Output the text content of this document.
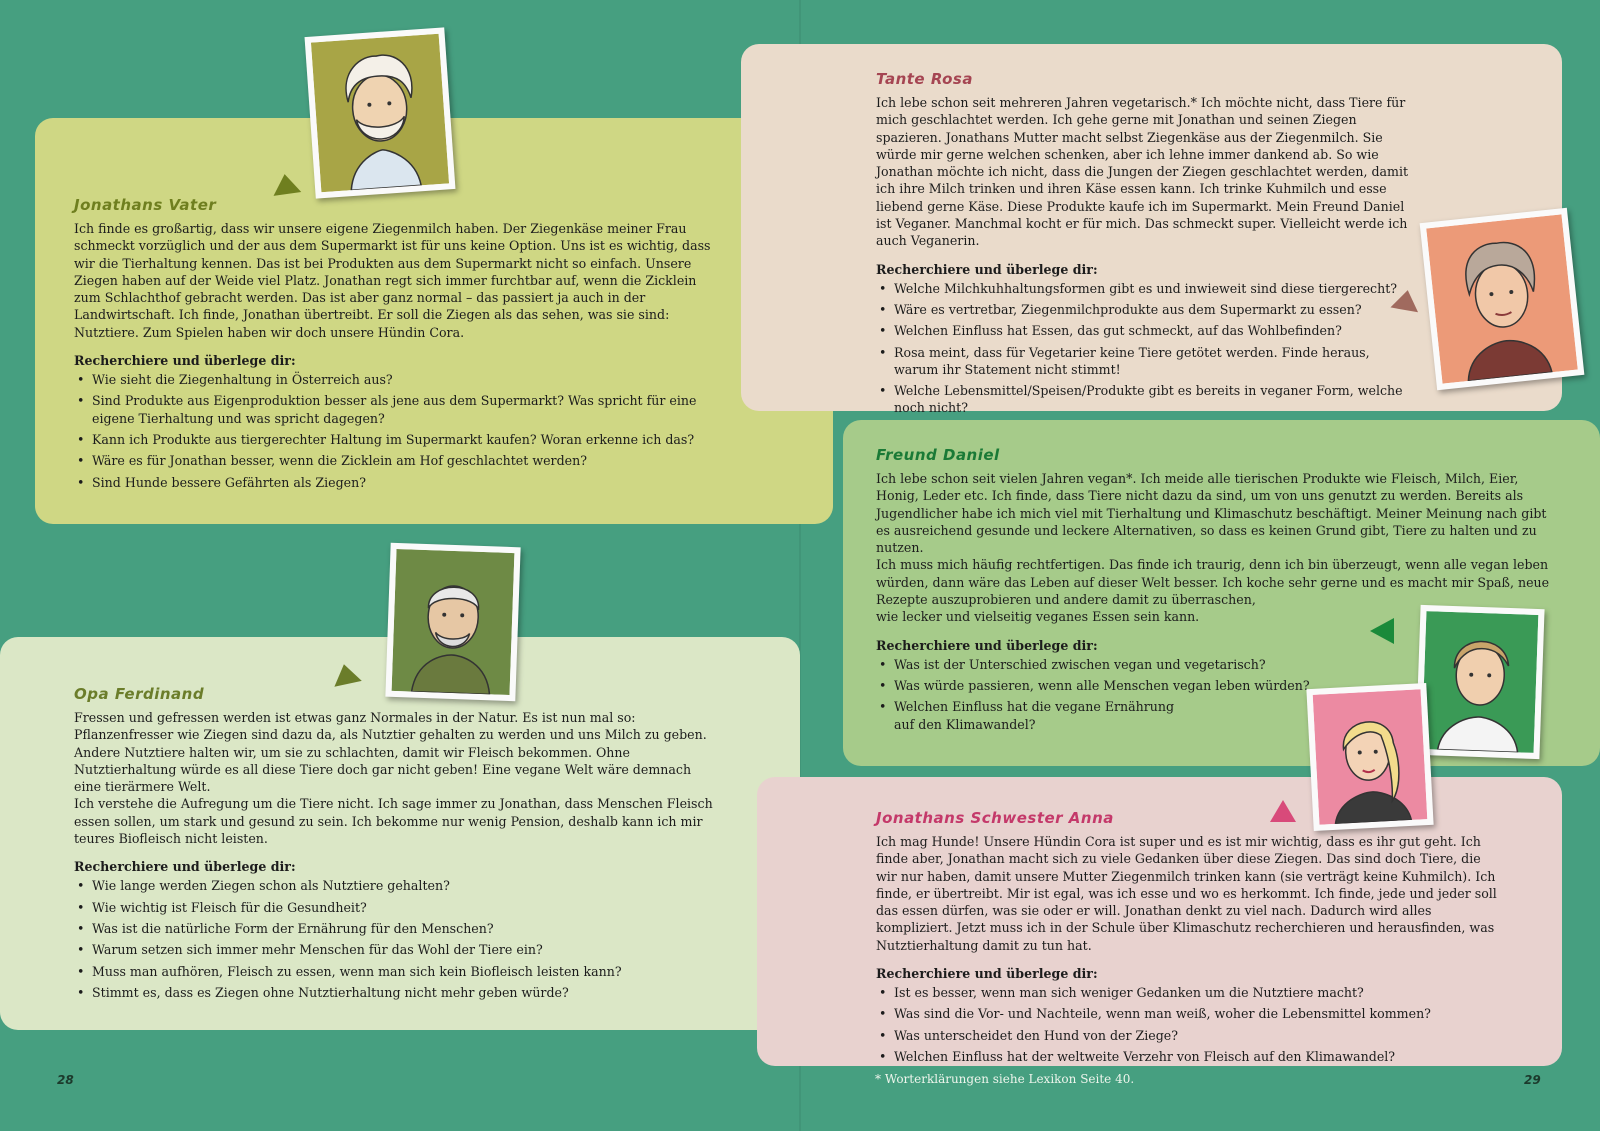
Jonathans Vater

Ich finde es großartig, dass wir unsere eigene Ziegenmilch haben. Der Ziegenkäse meiner Frau schmeckt vorzüglich und der aus dem Supermarkt ist für uns keine Option. Uns ist es wichtig, dass wir die Tierhaltung kennen. Das ist bei Produkten aus dem Supermarkt nicht so einfach. Unsere Ziegen haben auf der Weide viel Platz. Jonathan regt sich immer furchtbar auf, wenn die Zicklein zum Schlachthof gebracht werden. Das ist aber ganz normal – das passiert ja auch in der Landwirtschaft. Ich finde, Jonathan übertreibt. Er soll die Ziegen als das sehen, was sie sind: Nutztiere. Zum Spielen haben wir doch unsere Hündin Cora.

Recherchiere und überlege dir:
• Wie sieht die Ziegenhaltung in Österreich aus?
• Sind Produkte aus Eigenproduktion besser als jene aus dem Supermarkt? Was spricht für eine eigene Tierhaltung und was spricht dagegen?
• Kann ich Produkte aus tiergerechter Haltung im Supermarkt kaufen? Woran erkenne ich das?
• Wäre es für Jonathan besser, wenn die Zicklein am Hof geschlachtet werden?
• Sind Hunde bessere Gefährten als Ziegen?
Opa Ferdinand

Fressen und gefressen werden ist etwas ganz Normales in der Natur. Es ist nun mal so: Pflanzenfresser wie Ziegen sind dazu da, als Nutztier gehalten zu werden und uns Milch zu geben. Andere Nutztiere halten wir, um sie zu schlachten, damit wir Fleisch bekommen. Ohne Nutztierhaltung würde es all diese Tiere doch gar nicht geben! Eine vegane Welt wäre demnach eine tierärmere Welt.
Ich verstehe die Aufregung um die Tiere nicht. Ich sage immer zu Jonathan, dass Menschen Fleisch essen sollen, um stark und gesund zu sein. Ich bekomme nur wenig Pension, deshalb kann ich mir teures Biofleisch nicht leisten.

Recherchiere und überlege dir:
• Wie lange werden Ziegen schon als Nutztiere gehalten?
• Wie wichtig ist Fleisch für die Gesundheit?
• Was ist die natürliche Form der Ernährung für den Menschen?
• Warum setzen sich immer mehr Menschen für das Wohl der Tiere ein?
• Muss man aufhören, Fleisch zu essen, wenn man sich kein Biofleisch leisten kann?
• Stimmt es, dass es Ziegen ohne Nutztierhaltung nicht mehr geben würde?
Tante Rosa

Ich lebe schon seit mehreren Jahren vegetarisch.* Ich möchte nicht, dass Tiere für mich geschlachtet werden. Ich gehe gerne mit Jonathan und seinen Ziegen spazieren. Jonathans Mutter macht selbst Ziegenkäse aus der Ziegenmilch. Sie würde mir gerne welchen schenken, aber ich lehne immer dankend ab. So wie Jonathan möchte ich nicht, dass die Jungen der Ziegen geschlachtet werden, damit ich ihre Milch trinken und ihren Käse essen kann. Ich trinke Kuhmilch und esse liebend gerne Käse. Diese Produkte kaufe ich im Supermarkt. Mein Freund Daniel ist Veganer. Manchmal kocht er für mich. Das schmeckt super. Vielleicht werde ich auch Veganerin.

Recherchiere und überlege dir:
• Welche Milchkuhhaltungsformen gibt es und inwieweit sind diese tiergerecht?
• Wäre es vertretbar, Ziegenmilchprodukte aus dem Supermarkt zu essen?
• Welchen Einfluss hat Essen, das gut schmeckt, auf das Wohlbefinden?
• Rosa meint, dass für Vegetarier keine Tiere getötet werden. Finde heraus, warum ihr Statement nicht stimmt!
• Welche Lebensmittel/Speisen/Produkte gibt es bereits in veganer Form, welche noch nicht?
Freund Daniel

Ich lebe schon seit vielen Jahren vegan*. Ich meide alle tierischen Produkte wie Fleisch, Milch, Eier, Honig, Leder etc. Ich finde, dass Tiere nicht dazu da sind, um von uns genutzt zu werden. Bereits als Jugendlicher habe ich mich viel mit Tierhaltung und Klimaschutz beschäftigt. Meiner Meinung nach gibt es ausreichend gesunde und leckere Alternativen, so dass es keinen Grund gibt, Tiere zu halten und zu nutzen.
Ich muss mich häufig rechtfertigen. Das finde ich traurig, denn ich bin überzeugt, wenn alle vegan leben würden, dann wäre das Leben auf dieser Welt besser. Ich koche sehr gerne und es macht mir Spaß, neue Rezepte auszuprobieren und andere damit zu überraschen,
wie lecker und vielseitig veganes Essen sein kann.

Recherchiere und überlege dir:
• Was ist der Unterschied zwischen vegan und vegetarisch?
• Was würde passieren, wenn alle Menschen vegan leben würden?
• Welchen Einfluss hat die vegane Ernährung
auf den Klimawandel?
Jonathans Schwester Anna

Ich mag Hunde! Unsere Hündin Cora ist super und es ist mir wichtig, dass es ihr gut geht. Ich finde aber, Jonathan macht sich zu viele Gedanken über diese Ziegen. Das sind doch Tiere, die wir nur haben, damit unsere Mutter Ziegenmilch trinken kann (sie verträgt keine Kuhmilch). Ich finde, er übertreibt. Mir ist egal, was ich esse und wo es herkommt. Ich finde, jede und jeder soll das essen dürfen, was sie oder er will. Jonathan denkt zu viel nach. Dadurch wird alles kompliziert. Jetzt muss ich in der Schule über Klimaschutz recherchieren und herausfinden, was Nutztierhaltung damit zu tun hat.

Recherchiere und überlege dir:
• Ist es besser, wenn man sich weniger Gedanken um die Nutztiere macht?
• Was sind die Vor- und Nachteile, wenn man weiß, woher die Lebensmittel kommen?
• Was unterscheidet den Hund von der Ziege?
• Welchen Einfluss hat der weltweite Verzehr von Fleisch auf den Klimawandel?
28	29
* Worterklärungen siehe Lexikon Seite 40.
